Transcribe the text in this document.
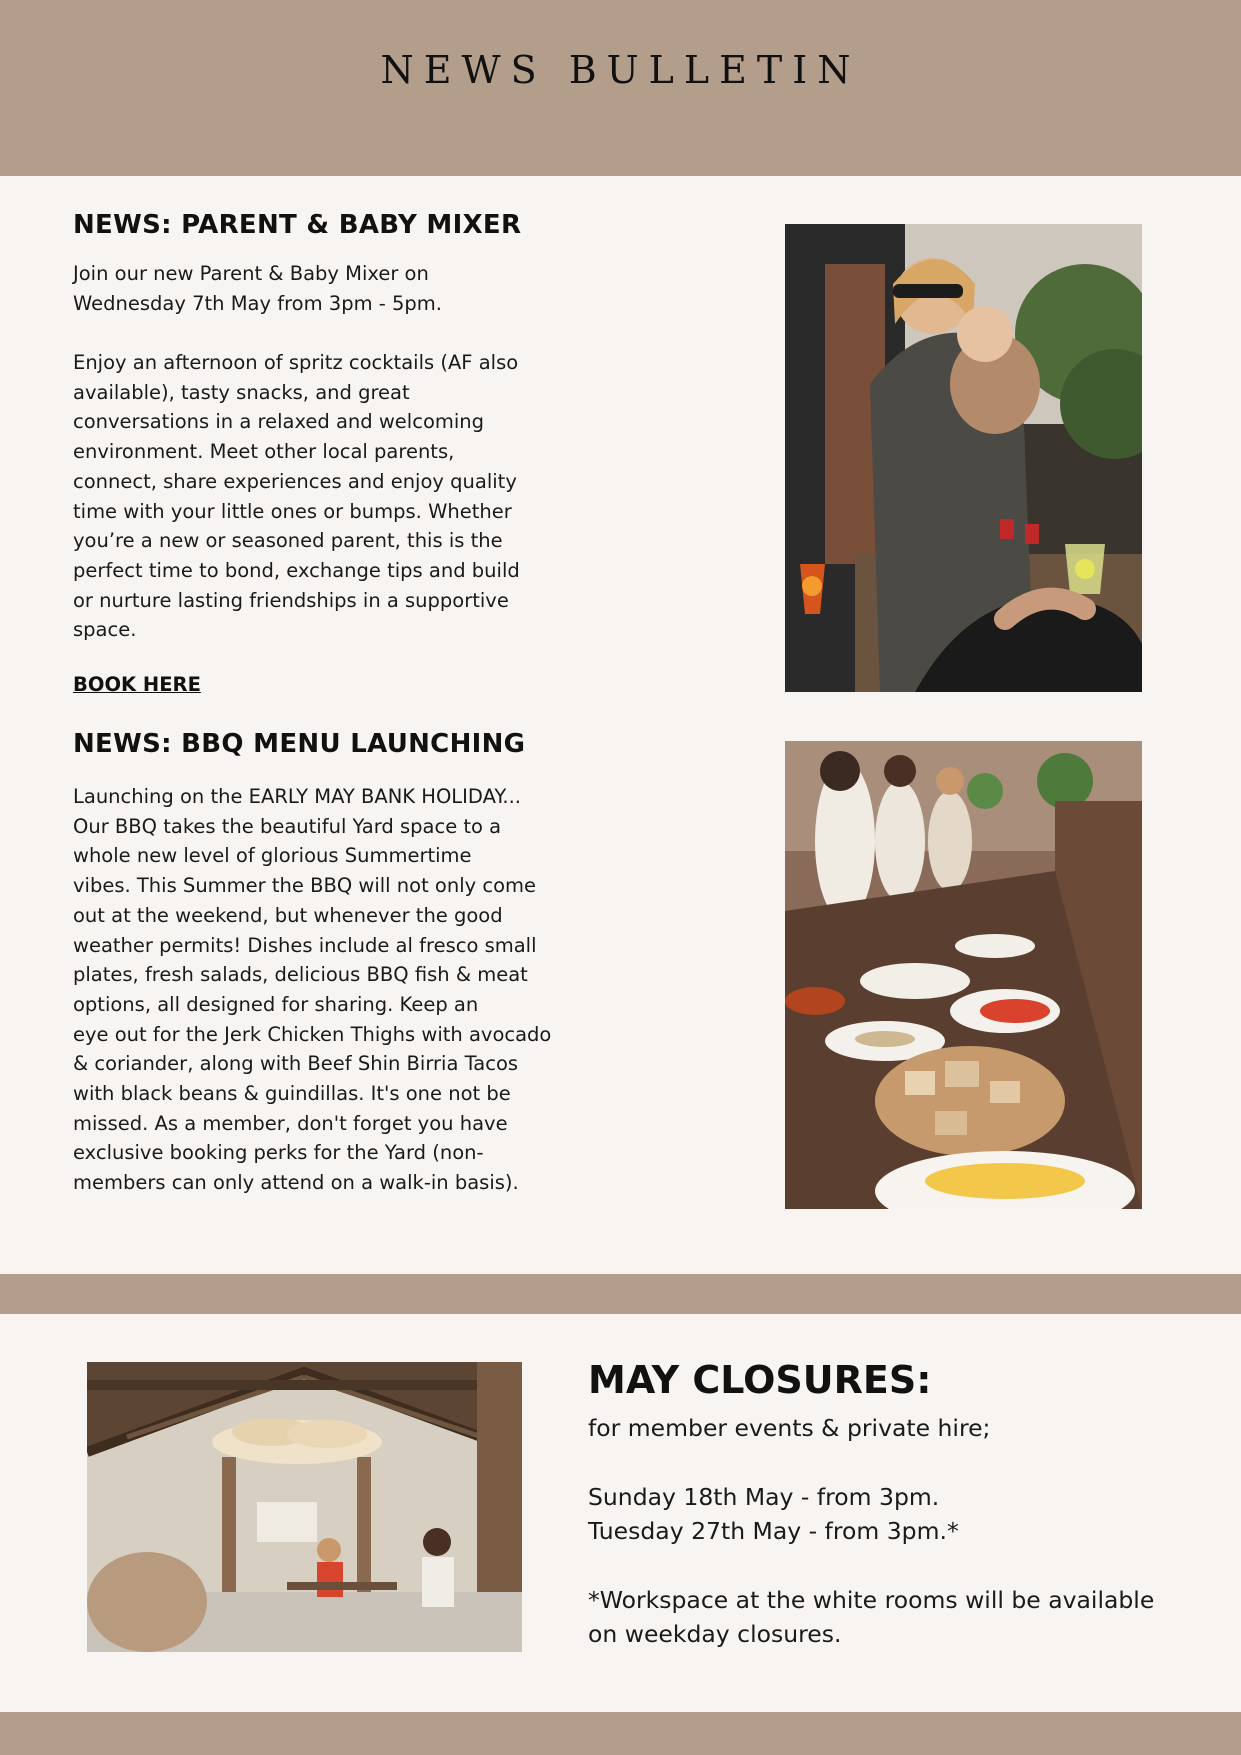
NEWS BULLETIN
NEWS: PARENT & BABY MIXER
Join our new Parent & Baby Mixer on
Wednesday 7th May from 3pm - 5pm.
Enjoy an afternoon of spritz cocktails (AF also
available), tasty snacks, and great
conversations in a relaxed and welcoming
environment. Meet other local parents,
connect, share experiences and enjoy quality
time with your little ones or bumps. Whether
you’re a new or seasoned parent, this is the
perfect time to bond, exchange tips and build
or nurture lasting friendships in a supportive
space.
BOOK HERE
NEWS: BBQ MENU LAUNCHING
Launching on the EARLY MAY BANK HOLIDAY...
Our BBQ takes the beautiful Yard space to a
whole new level of glorious Summertime
vibes. This Summer the BBQ will not only come
out at the weekend, but whenever the good
weather permits! Dishes include al fresco small
plates, fresh salads, delicious BBQ fish & meat
options, all designed for sharing. Keep an
eye out for the Jerk Chicken Thighs with avocado
& coriander, along with Beef Shin Birria Tacos
with black beans & guindillas. It's one not be
missed. As a member, don't forget you have
exclusive booking perks for the Yard (non-
members can only attend on a walk-in basis).
MAY CLOSURES:
for member events & private hire;
Sunday 18th May - from 3pm.
Tuesday 27th May - from 3pm.*
*Workspace at the white rooms will be available
on weekday closures.
